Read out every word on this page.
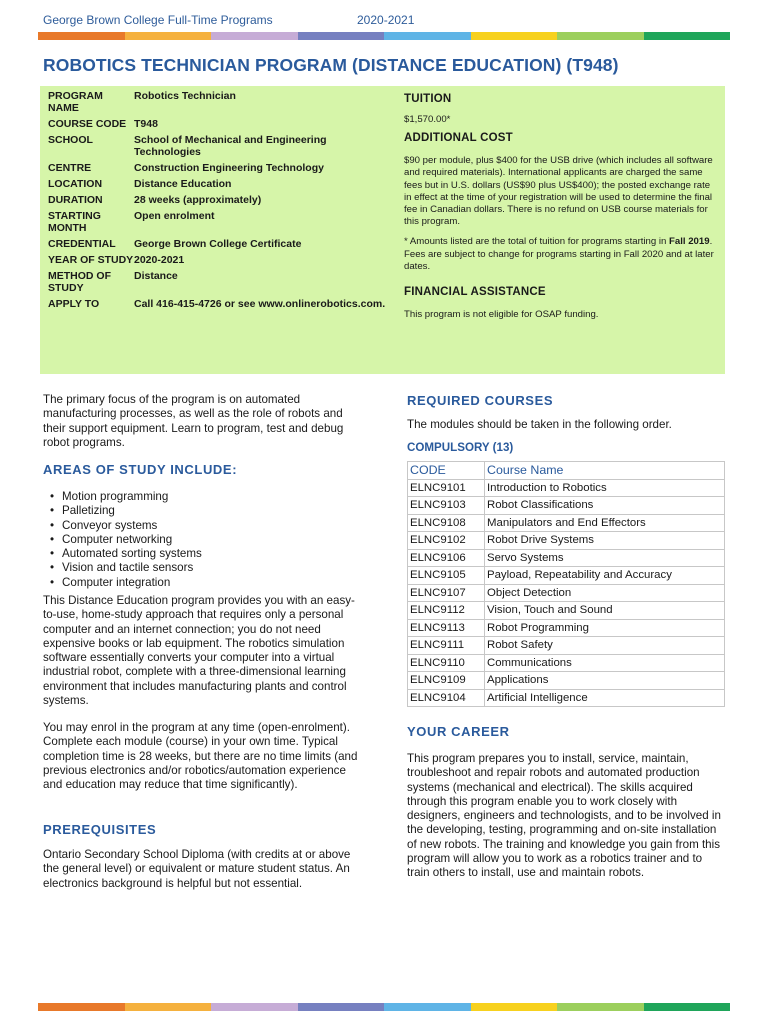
George Brown College Full-Time Programs	2020-2021
ROBOTICS TECHNICIAN PROGRAM (DISTANCE EDUCATION) (T948)
PROGRAM NAME	Robotics Technician
COURSE CODE	T948
SCHOOL	School of Mechanical and Engineering Technologies
CENTRE	Construction Engineering Technology
LOCATION	Distance Education
DURATION	28 weeks (approximately)
STARTING MONTH	Open enrolment
CREDENTIAL	George Brown College Certificate
YEAR OF STUDY	2020-2021
METHOD OF STUDY	Distance
APPLY TO	Call 416-415-4726 or see www.onlinerobotics.com.

TUITION

$1,570.00*

ADDITIONAL COST

$90 per module, plus $400 for the USB drive (which includes all software and required materials). International applicants are charged the same fees but in U.S. dollars (US$90 plus US$400); the posted exchange rate in effect at the time of your registration will be used to determine the final fee in Canadian dollars. There is no refund on USB course materials for this program.

* Amounts listed are the total of tuition for programs starting in Fall 2019. Fees are subject to change for programs starting in Fall 2020 and at later dates.

FINANCIAL ASSISTANCE

This program is not eligible for OSAP funding.

The primary focus of the program is on automated manufacturing processes, as well as the role of robots and their support equipment. Learn to program, test and debug robot programs.

AREAS OF STUDY INCLUDE:

• Motion programming
• Palletizing
• Conveyor systems
• Computer networking
• Automated sorting systems
• Vision and tactile sensors
• Computer integration

This Distance Education program provides you with an easy-to-use, home-study approach that requires only a personal computer and an internet connection; you do not need expensive books or lab equipment. The robotics simulation software essentially converts your computer into a virtual industrial robot, complete with a three-dimensional learning environment that includes manufacturing plants and control systems.

You may enrol in the program at any time (open-enrolment). Complete each module (course) in your own time. Typical completion time is 28 weeks, but there are no time limits (and previous electronics and/or robotics/automation experience and education may reduce that time significantly).

PREREQUISITES

Ontario Secondary School Diploma (with credits at or above the general level) or equivalent or mature student status. An electronics background is helpful but not essential.

REQUIRED COURSES

The modules should be taken in the following order.

COMPULSORY (13)

CODE	Course Name
ELNC9101	Introduction to Robotics
ELNC9103	Robot Classifications
ELNC9108	Manipulators and End Effectors
ELNC9102	Robot Drive Systems
ELNC9106	Servo Systems
ELNC9105	Payload, Repeatability and Accuracy
ELNC9107	Object Detection
ELNC9112	Vision, Touch and Sound
ELNC9113	Robot Programming
ELNC9111	Robot Safety
ELNC9110	Communications
ELNC9109	Applications
ELNC9104	Artificial Intelligence

YOUR CAREER

This program prepares you to install, service, maintain, troubleshoot and repair robots and automated production systems (mechanical and electrical). The skills acquired through this program enable you to work closely with designers, engineers and technologists, and to be involved in the developing, testing, programming and on-site installation of new robots. The training and knowledge you gain from this program will allow you to work as a robotics trainer and to train others to install, use and maintain robots.
